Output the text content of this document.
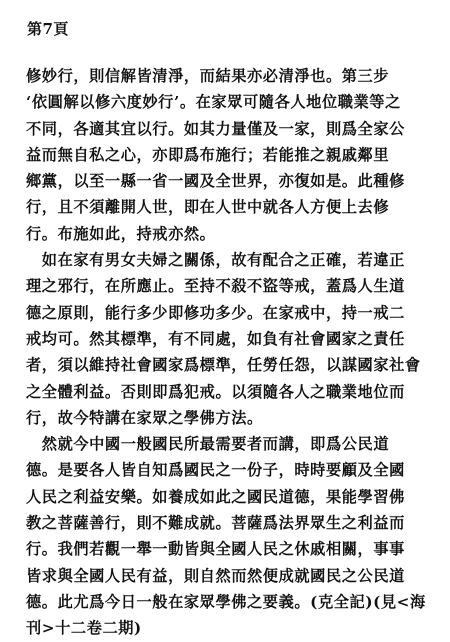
第7頁
修妙行，則信解皆清淨，而結果亦必清淨也。第三步
‘依圓解以修六度妙行’。在家眾可隨各人地位職業等之
不同，各適其宜以行。如其力量僅及一家，則爲全家公
益而無自私之心，亦即爲布施行；若能推之親戚鄰里
鄉黨，以至一縣一省一國及全世界，亦復如是。此種修
行，且不須離開人世，即在人世中就各人方便上去修
行。布施如此，持戒亦然。
　如在家有男女夫婦之關係，故有配合之正確，若違正
理之邪行，在所應止。至持不殺不盜等戒，蓋爲人生道
德之原則，能行多少即修功多少。在家戒中，持一戒二
戒均可。然其標準，有不同處，如負有社會國家之責任
者，須以維持社會國家爲標準，任勞任怨，以謀國家社會
之全體利益。否則即爲犯戒。以須隨各人之職業地位而
行，故今特講在家眾之學佛方法。
　然就今中國一般國民所最需要者而講，即爲公民道
德。是要各人皆自知爲國民之一份子，時時要顧及全國
人民之利益安樂。如養成如此之國民道德，果能學習佛
教之菩薩善行，則不難成就。菩薩爲法界眾生之利益而
行。我們若觀一舉一動皆與全國人民之休戚相關，事事
皆求與全國人民有益，則自然而然便成就國民之公民道
德。此尤爲今日一般在家眾學佛之要義。(克全記)(見<海
刊>十二卷二期)
